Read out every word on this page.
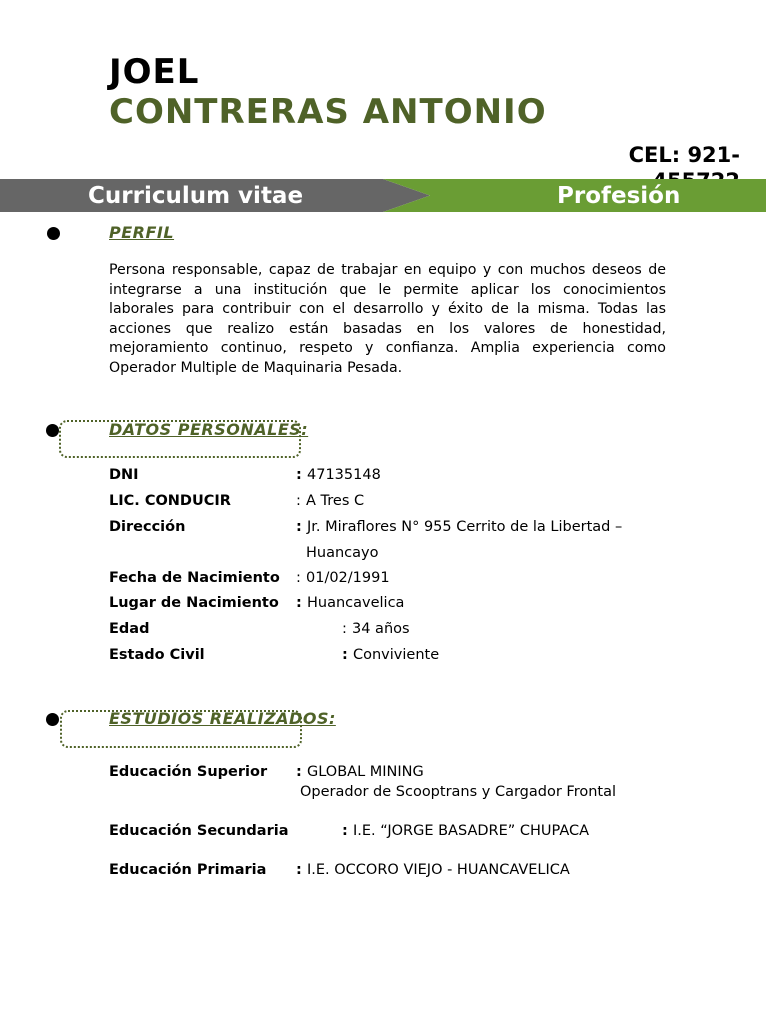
JOEL
CONTRERAS ANTONIO
CEL: 921-
Curriculum vitae	Profesión
PERFIL
Persona responsable, capaz de trabajar en equipo y con muchos deseos de integrarse a una institución que le permite aplicar los conocimientos laborales para contribuir con el desarrollo y éxito de la misma. Todas las acciones que realizo están basadas en los valores de honestidad, mejoramiento continuo, respeto y confianza. Amplia experiencia como Operador Multiple de Maquinaria Pesada.
DATOS PERSONALES:
DNI	: 47135148
LIC. CONDUCIR	: A Tres C
Dirección	: Jr. Miraflores N° 955 Cerrito de la Libertad –
Huancayo
Fecha de Nacimiento : 01/02/1991
Lugar de Nacimiento : Huancavelica
Edad	: 34 años
Estado Civil	: Conviviente
ESTUDIOS REALIZADOS:
Educación Superior : GLOBAL MINING
Operador de Scooptrans y Cargador Frontal
Educación Secundaria	: I.E. “JORGE BASADRE” CHUPACA
Educación Primaria : I.E. OCCORO VIEJO - HUANCAVELICA
